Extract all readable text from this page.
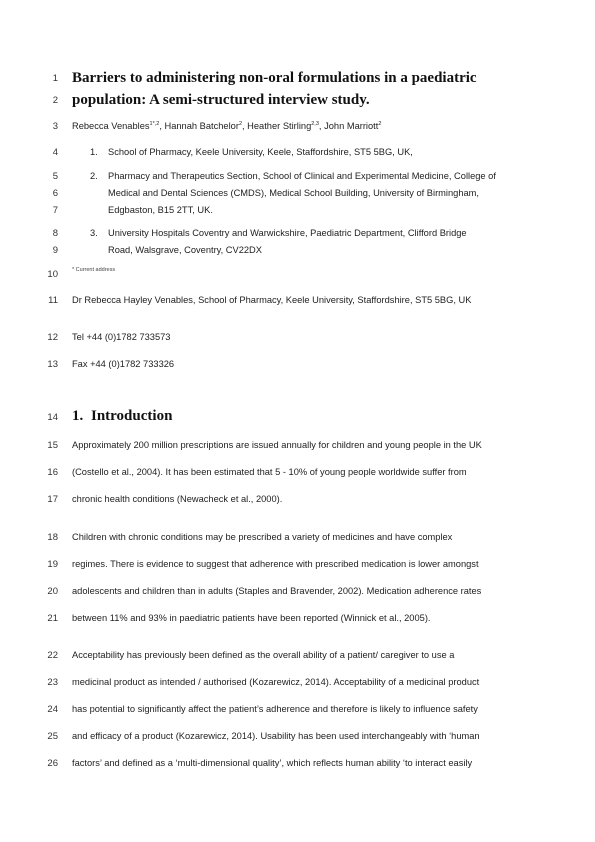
1
2
3
4
5
6
7
8
9
10
11
12
13
14
15
16
17
18
19
20
21
22
23
24
25
26
Barriers to administering non-oral formulations in a paediatric
population: A semi-structured interview study.
Rebecca Venables$^{1*,2}$, Hannah Batchelor$^2$, Heather Stirling$^{2,3}$, John Marriott$^2$
1. School of Pharmacy, Keele University, Keele, Staffordshire, ST5 5BG, UK,
2. Pharmacy and Therapeutics Section, School of Clinical and Experimental Medicine, College of
Medical and Dental Sciences (CMDS), Medical School Building, University of Birmingham,
Edgbaston, B15 2TT, UK.
3. University Hospitals Coventry and Warwickshire, Paediatric Department, Clifford Bridge
Road, Walsgrave, Coventry, CV22DX
* Current address
Dr Rebecca Hayley Venables, School of Pharmacy, Keele University, Staffordshire, ST5 5BG, UK
Tel +44 (0)1782 733573
Fax +44 (0)1782 733326
1. Introduction
Approximately 200 million prescriptions are issued annually for children and young people in the UK
(Costello et al., 2004). It has been estimated that 5 - 10% of young people worldwide suffer from
chronic health conditions (Newacheck et al., 2000).
Children with chronic conditions may be prescribed a variety of medicines and have complex
regimes. There is evidence to suggest that adherence with prescribed medication is lower amongst
adolescents and children than in adults (Staples and Bravender, 2002). Medication adherence rates
between 11% and 93% in paediatric patients have been reported (Winnick et al., 2005).
Acceptability has previously been defined as the overall ability of a patient/ caregiver to use a
medicinal product as intended / authorised (Kozarewicz, 2014). Acceptability of a medicinal product
has potential to significantly affect the patient’s adherence and therefore is likely to influence safety
and efficacy of a product (Kozarewicz, 2014). Usability has been used interchangeably with ‘human
factors’ and defined as a ‘multi-dimensional quality’, which reflects human ability ‘to interact easily
